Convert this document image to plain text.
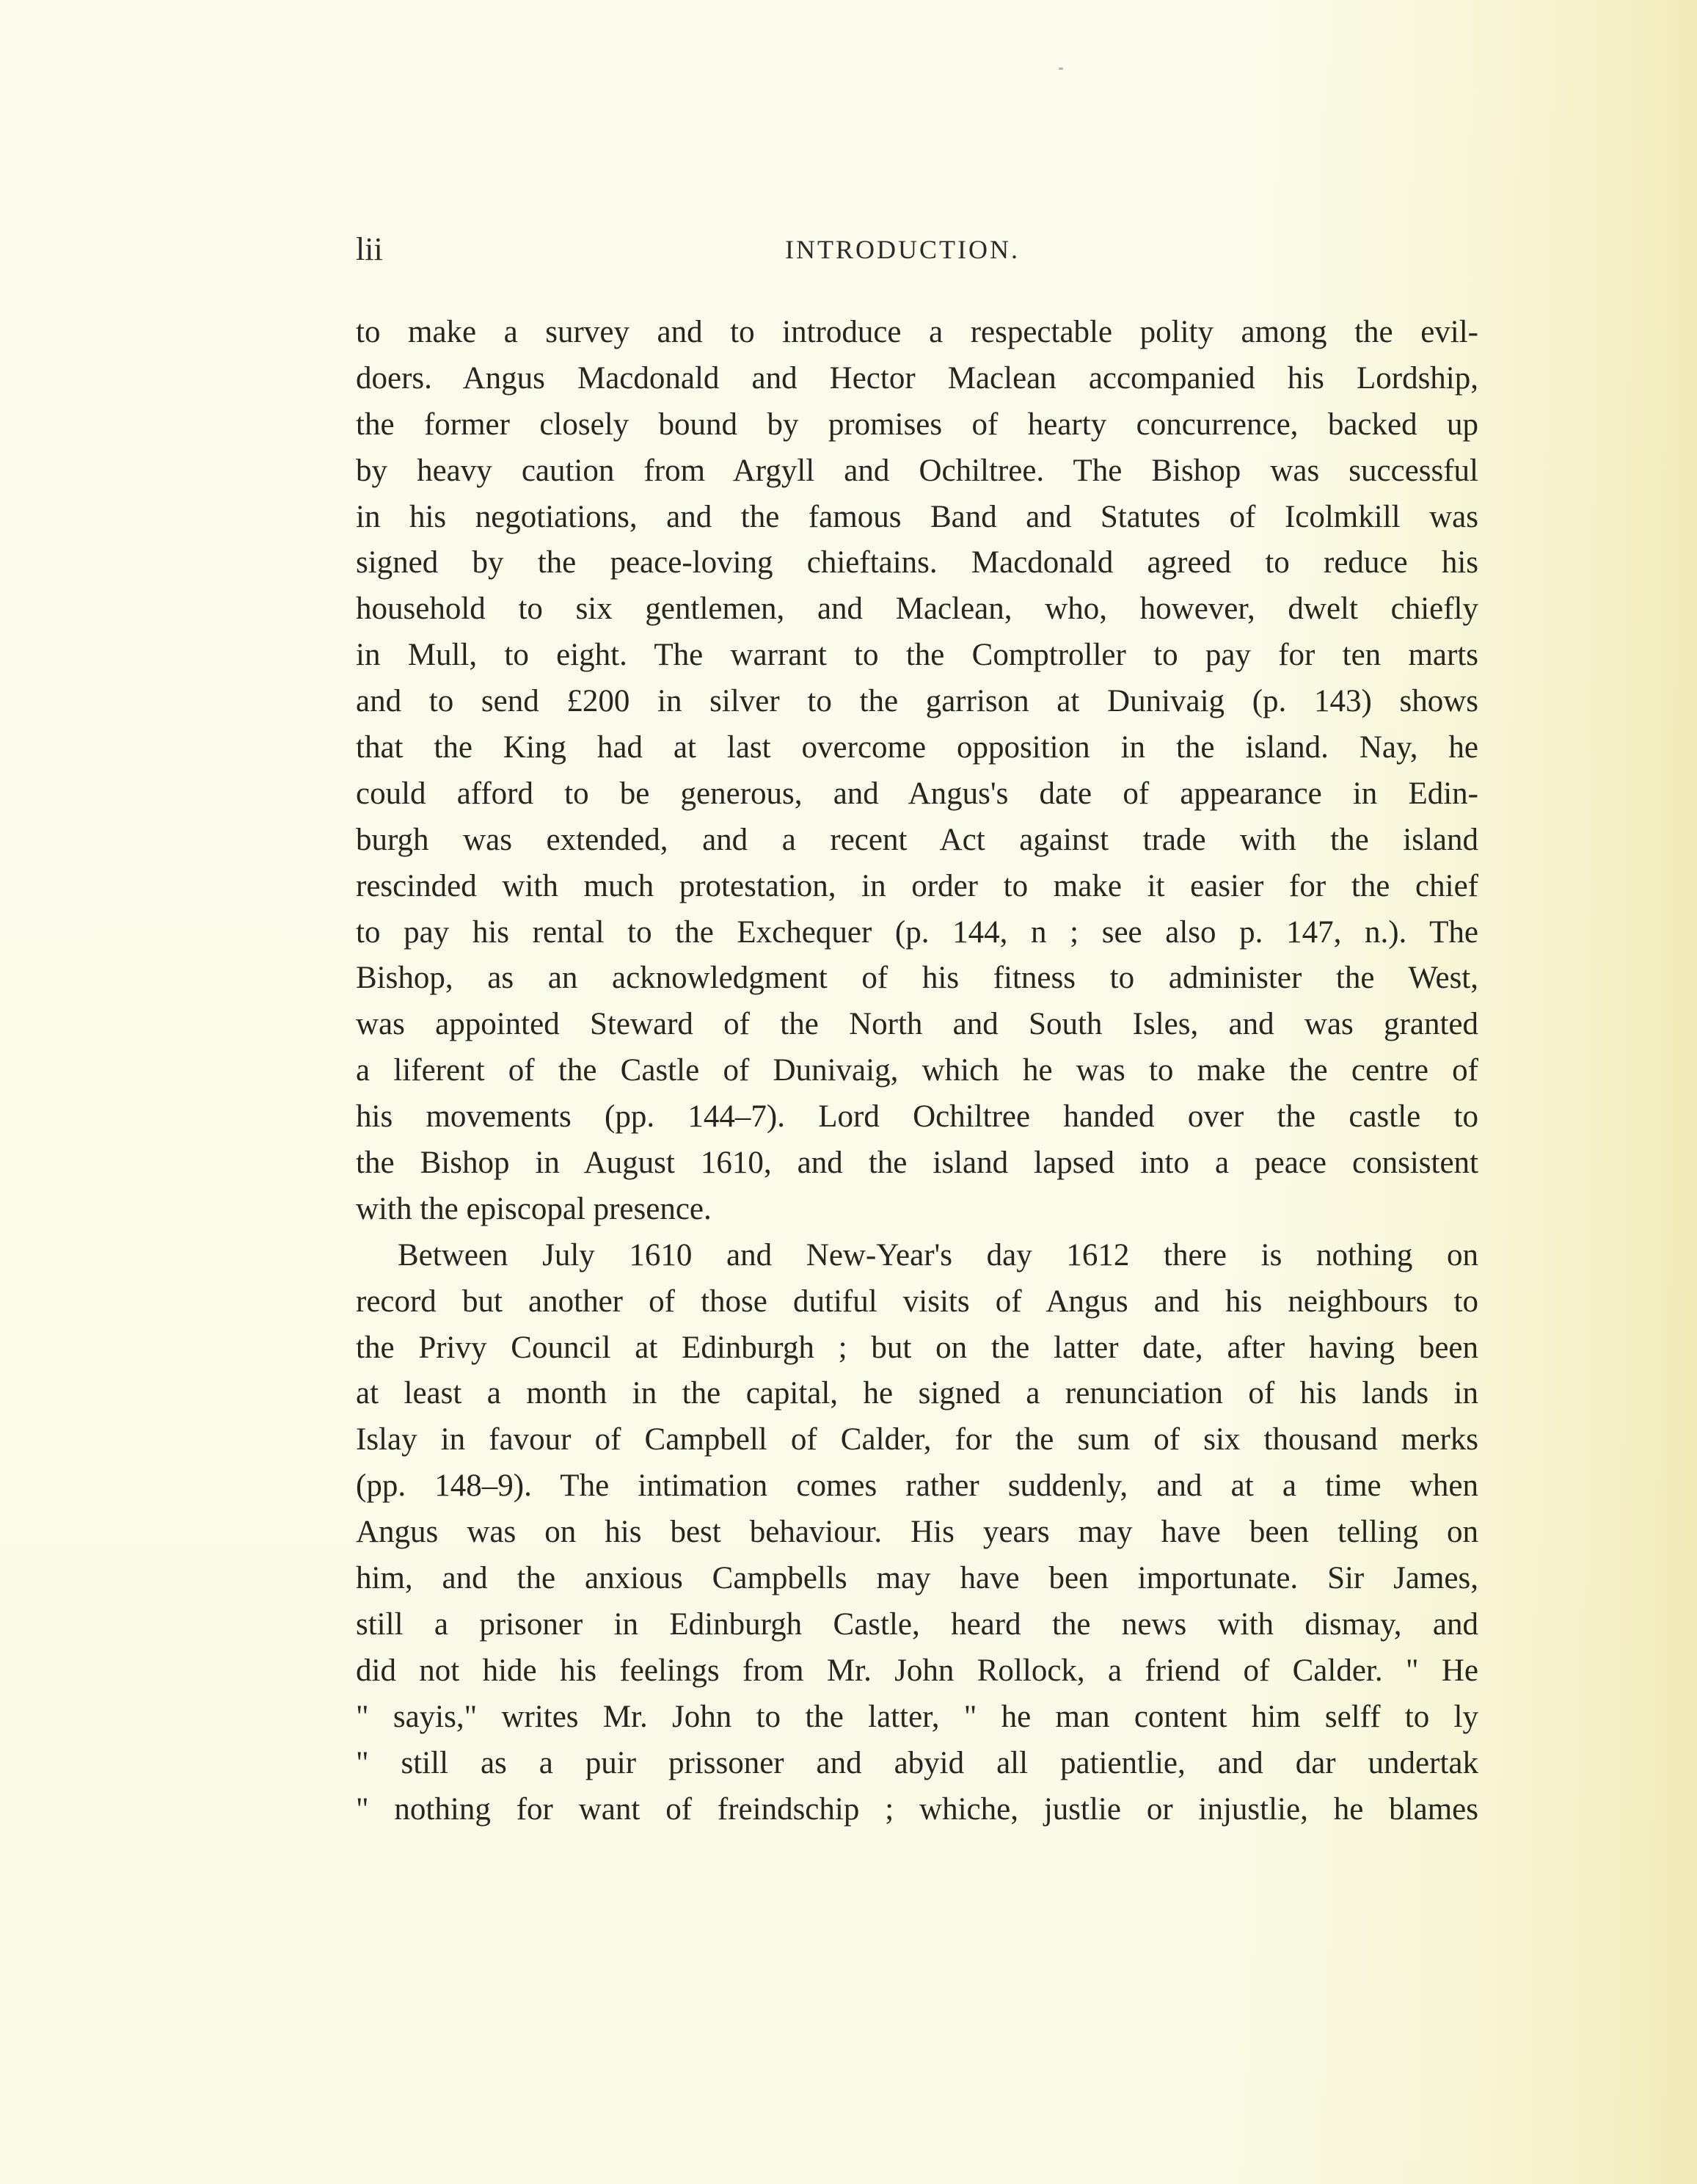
lii	INTRODUCTION.
to make a survey and to introduce a respectable polity among the evil-
doers. Angus Macdonald and Hector Maclean accompanied his Lordship,
the former closely bound by promises of hearty concurrence, backed up
by heavy caution from Argyll and Ochiltree. The Bishop was successful
in his negotiations, and the famous Band and Statutes of Icolmkill was
signed by the peace-loving chieftains. Macdonald agreed to reduce his
household to six gentlemen, and Maclean, who, however, dwelt chiefly
in Mull, to eight. The warrant to the Comptroller to pay for ten marts
and to send £200 in silver to the garrison at Dunivaig (p. 143) shows
that the King had at last overcome opposition in the island. Nay, he
could afford to be generous, and Angus's date of appearance in Edin-
burgh was extended, and a recent Act against trade with the island
rescinded with much protestation, in order to make it easier for the chief
to pay his rental to the Exchequer (p. 144, n ; see also p. 147, n.). The
Bishop, as an acknowledgment of his fitness to administer the West,
was appointed Steward of the North and South Isles, and was granted
a liferent of the Castle of Dunivaig, which he was to make the centre of
his movements (pp. 144–7). Lord Ochiltree handed over the castle to
the Bishop in August 1610, and the island lapsed into a peace consistent
with the episcopal presence.
Between July 1610 and New-Year's day 1612 there is nothing on
record but another of those dutiful visits of Angus and his neighbours to
the Privy Council at Edinburgh ; but on the latter date, after having been
at least a month in the capital, he signed a renunciation of his lands in
Islay in favour of Campbell of Calder, for the sum of six thousand merks
(pp. 148–9). The intimation comes rather suddenly, and at a time when
Angus was on his best behaviour. His years may have been telling on
him, and the anxious Campbells may have been importunate. Sir James,
still a prisoner in Edinburgh Castle, heard the news with dismay, and
did not hide his feelings from Mr. John Rollock, a friend of Calder. " He
" sayis," writes Mr. John to the latter, " he man content him selff to ly
" still as a puir prissoner and abyid all patientlie, and dar undertak
" nothing for want of freindschip ; whiche, justlie or injustlie, he blames
